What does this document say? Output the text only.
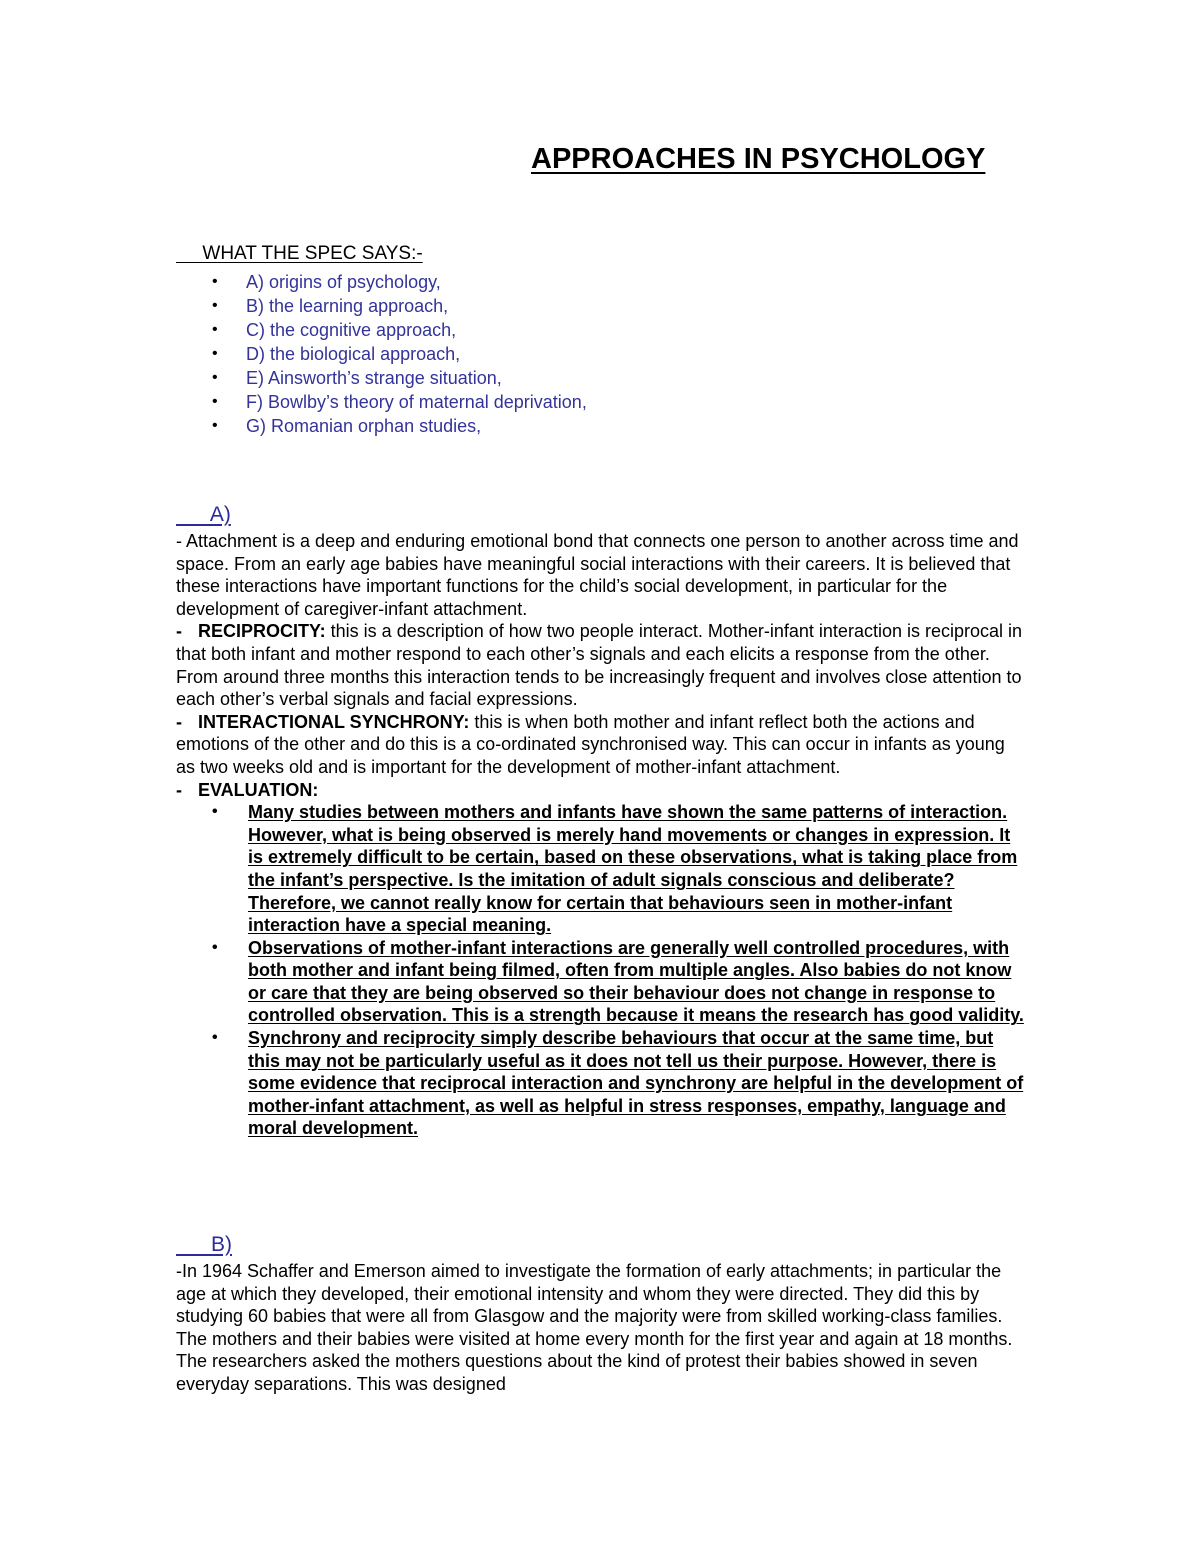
APPROACHES IN PSYCHOLOGY
WHAT THE SPEC SAYS:-
• A) origins of psychology,
• B) the learning approach,
• C) the cognitive approach,
• D) the biological approach,
• E) Ainsworth’s strange situation,
• F) Bowlby’s theory of maternal deprivation,
• G) Romanian orphan studies,
A)

- Attachment is a deep and enduring emotional bond that connects one person to another across time and space. From an early age babies have meaningful social interactions with their careers. It is believed that these interactions have important functions for the child’s social development, in particular for the development of caregiver-infant attachment.

- RECIPROCITY: this is a description of how two people interact. Mother-infant interaction is reciprocal in that both infant and mother respond to each other’s signals and each elicits a response from the other. From around three months this interaction tends to be increasingly frequent and involves close attention to each other’s verbal signals and facial expressions.

- INTERACTIONAL SYNCHRONY: this is when both mother and infant reflect both the actions and emotions of the other and do this is a co-ordinated synchronised way. This can occur in infants as young as two weeks old and is important for the development of mother-infant attachment.

- EVALUATION:

• Many studies between mothers and infants have shown the same patterns of interaction. However, what is being observed is merely hand movements or changes in expression. It is extremely difficult to be certain, based on these observations, what is taking place from the infant’s perspective. Is the imitation of adult signals conscious and deliberate? Therefore, we cannot really know for certain that behaviours seen in mother-infant interaction have a special meaning.
• Observations of mother-infant interactions are generally well controlled procedures, with both mother and infant being filmed, often from multiple angles. Also babies do not know or care that they are being observed so their behaviour does not change in response to controlled observation. This is a strength because it means the research has good validity.
• Synchrony and reciprocity simply describe behaviours that occur at the same time, but this may not be particularly useful as it does not tell us their purpose. However, there is some evidence that reciprocal interaction and synchrony are helpful in the development of mother-infant attachment, as well as helpful in stress responses, empathy, language and moral development.
B)

-In 1964 Schaffer and Emerson aimed to investigate the formation of early attachments; in particular the age at which they developed, their emotional intensity and whom they were directed. They did this by studying 60 babies that were all from Glasgow and the majority were from skilled working-class families. The mothers and their babies were visited at home every month for the first year and again at 18 months. The researchers asked the mothers questions about the kind of protest their babies showed in seven everyday separations. This was designed
